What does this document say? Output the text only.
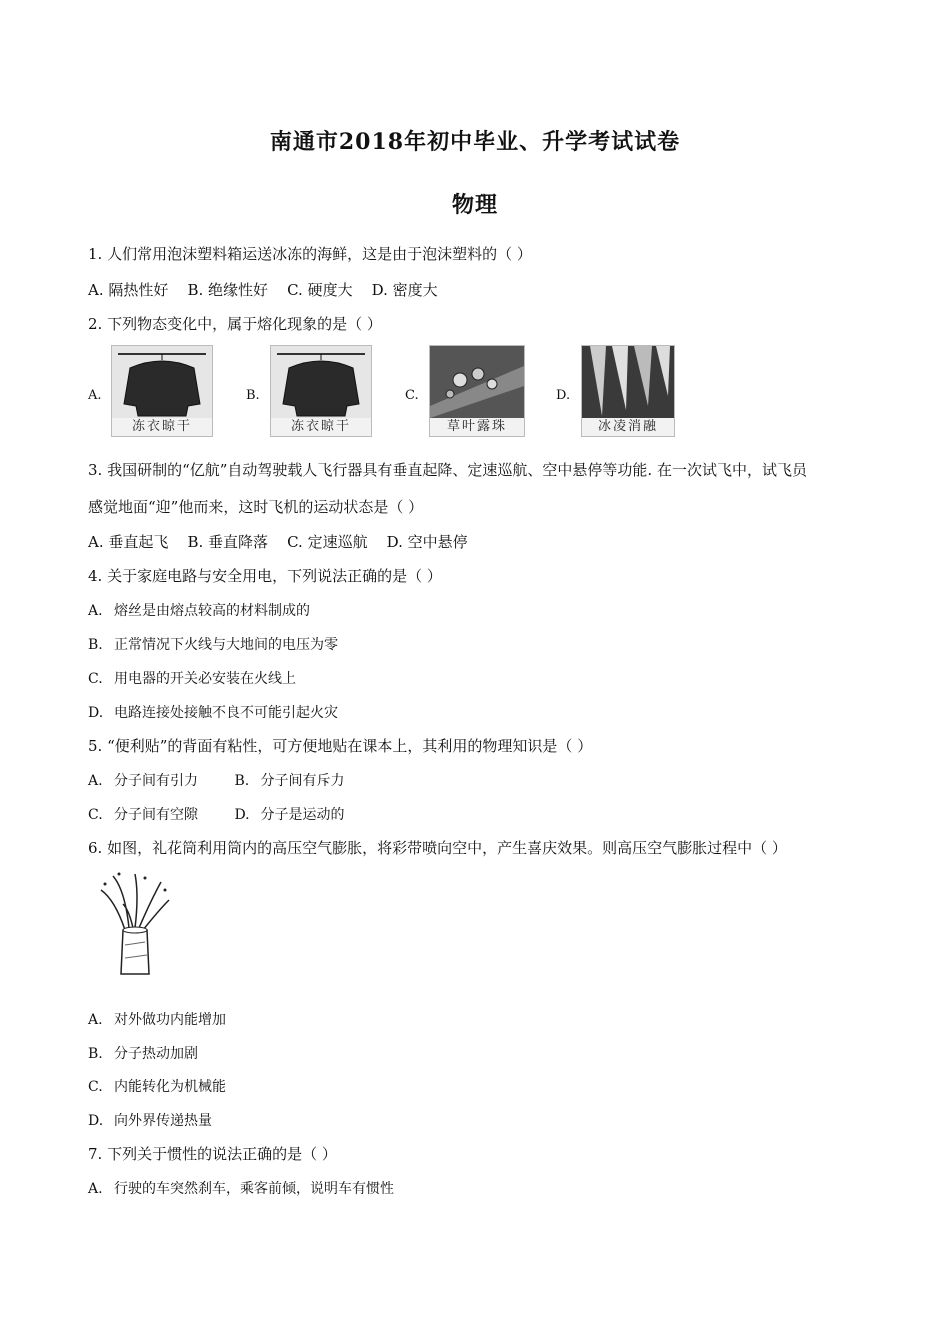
南通市2018年初中毕业、升学考试试卷
物理
1. 人们常用泡沫塑料箱运送冰冻的海鲜，这是由于泡沫塑料的（ ）
A. 隔热性好 B. 绝缘性好 C. 硬度大 D. 密度大
2. 下列物态变化中，属于熔化现象的是（ ）
A.
冻衣晾干
B.
冻衣晾干
C.
草叶露珠
D.
冰凌消融
3. 我国研制的“亿航”自动驾驶载人飞行器具有垂直起降、定速巡航、空中悬停等功能. 在一次试飞中，试飞员
感觉地面“迎”他而来，这时飞机的运动状态是（ ）
A. 垂直起飞 B. 垂直降落 C. 定速巡航 D. 空中悬停
4. 关于家庭电路与安全用电，下列说法正确的是（ ）
A. 熔丝是由熔点较高的材料制成的
B. 正常情况下火线与大地间的电压为零
C. 用电器的开关必安装在火线上
D. 电路连接处接触不良不可能引起火灾
5. “便利贴”的背面有粘性，可方便地贴在课本上，其利用的物理知识是（ ）
A. 分子间有引力	B. 分子间有斥力
C. 分子间有空隙	D. 分子是运动的
6. 如图，礼花筒利用筒内的高压空气膨胀，将彩带喷向空中，产生喜庆效果。则高压空气膨胀过程中（ ）
A. 对外做功内能增加
B. 分子热动加剧
C. 内能转化为机械能
D. 向外界传递热量
7. 下列关于惯性的说法正确的是（ ）
A. 行驶的车突然刹车，乘客前倾，说明车有惯性
